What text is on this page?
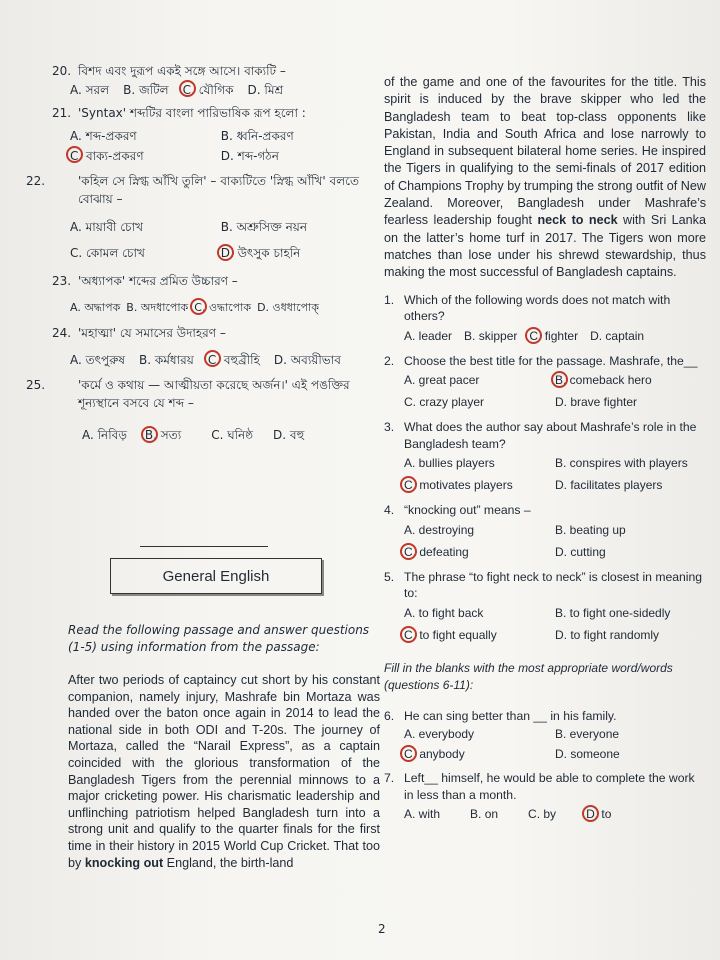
20. বিশদ এবং দুরূপ একই সঙ্গে আসে। বাক্যটি –
A. সরল	B. জটিল	C. যৌগিক	D. মিশ্র
21. 'Syntax' শব্দটির বাংলা পারিভাষিক রূপ হলো :
A. শব্দ-প্রকরণ	B. ধ্বনি-প্রকরণ
C. বাক্য-প্রকরণ	D. শব্দ-গঠন
22.	'কহিল সে স্নিগ্ধ আঁখি তুলি' – বাক্যটিতে 'স্নিগ্ধ আঁখি' বলতে বোঝায় –
A. মায়াবী চোখ	B. অশ্রুসিক্ত নয়ন
C. কোমল চোখ	D. উৎসুক চাহনি
23. 'অধ্যাপক' শব্দের প্রমিত উচ্চারণ –
A. অদ্ধাপক B. অদধাপোক C. ওদ্ধাপোক D. ওধধাপোক্
24. 'মহাত্মা' যে সমাসের উদাহরণ –
A. তৎপুরুষ	B. কর্মধারয়	C. বহুব্রীহি	D. অব্যয়ীভাব
25.	'কর্মে ও কথায় — আত্মীয়তা করেছে অর্জন।' এই পঙক্তির শূন্যস্থানে বসবে যে শব্দ –
A. নিবিড়	B. সত্য	C. ঘনিষ্ঠ	D. বহু
General English
Read the following passage and answer questions (1-5) using information from the passage:
After two periods of captaincy cut short by his constant companion, namely injury, Mashrafe bin Mortaza was handed over the baton once again in 2014 to lead the national side in both ODI and T-20s. The journey of Mortaza, called the “Narail Express”, as a captain coincided with the glorious transformation of the Bangladesh Tigers from the perennial minnows to a major cricketing power. His charismatic leadership and unflinching patriotism helped Bangladesh turn into a strong unit and qualify to the quarter finals for the first time in their history in 2015 World Cup Cricket. That too by knocking out England, the birth-land
of the game and one of the favourites for the title. This spirit is induced by the brave skipper who led the Bangladesh team to beat top-class opponents like Pakistan, India and South Africa and lose narrowly to England in subsequent bilateral home series. He inspired the Tigers in qualifying to the semi-finals of 2017 edition of Champions Trophy by trumping the strong outfit of New Zealand. Moreover, Bangladesh under Mashrafe’s fearless leadership fought neck to neck with Sri Lanka on the latter’s home turf in 2017. The Tigers won more matches than lose under his shrewd stewardship, thus making the most successful of Bangladesh captains.
1. Which of the following words does not match with others?
A. leader	B. skipper	C. fighter	D. captain
2. Choose the best title for the passage. Mashrafe, the__
A. great pacer	B. comeback hero
C. crazy player	D. brave fighter
3. What does the author say about Mashrafe’s role in the Bangladesh team?
A. bullies players	B. conspires with players
C. motivates players	D. facilitates players
4. “knocking out” means –
A. destroying	B. beating up
C. defeating	D. cutting
5. The phrase “to fight neck to neck” is closest in meaning to:
A. to fight back	B. to fight one-sidedly
C. to fight equally	D. to fight randomly
Fill in the blanks with the most appropriate word/words (questions 6-11):
6. He can sing better than __ in his family.
A. everybody	B. everyone
C. anybody	D. someone
7. Left__ himself, he would be able to complete the work in less than a month.
A. with	B. on	C. by	D. to
2
